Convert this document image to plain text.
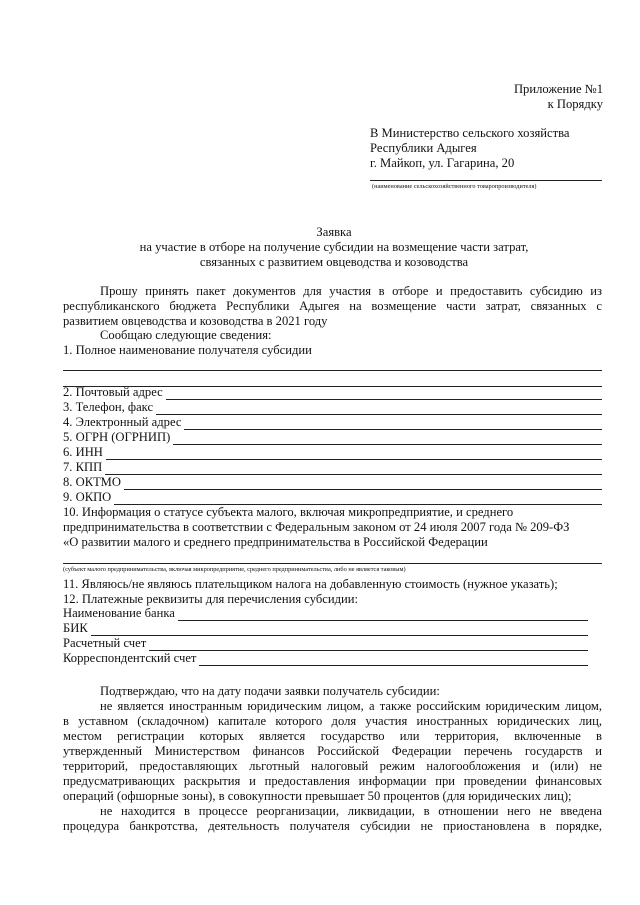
Приложение №1
к Порядку
В Министерство сельского хозяйства
Республики Адыгея
г. Майкоп, ул. Гагарина, 20
(наименование сельскохозяйственного товаропроизводителя)
Заявка
на участие в отборе на получение субсидии на возмещение части затрат,
связанных с развитием овцеводства и козоводства
Прошу принять пакет документов для участия в отборе и предоставить субсидию из
республиканского бюджета Республики Адыгея на возмещение части затрат, связанных с
развитием овцеводства и козоводства в 2021 году
Сообщаю следующие сведения:
1. Полное наименование получателя субсидии
2. Почтовый адрес
3. Телефон, факс
4. Электронный адрес
5. ОГРН (ОГРНИП)
6. ИНН
7. КПП
8. ОКТМО
9. ОКПО
10. Информация о статусе субъекта малого, включая микропредприятие, и среднего
предпринимательства в соответствии с Федеральным законом от 24 июля 2007 года № 209-ФЗ
«О развитии малого и среднего предпринимательства в Российской Федерации
(субъект малого предпринимательства, включая микропредприятие, среднего предпринимательства, либо не является таковым)
11. Являюсь/не являюсь плательщиком налога на добавленную стоимость (нужное указать);
12. Платежные реквизиты для перечисления субсидии:
Наименование банка
БИК
Расчетный счет
Корреспондентский счет
Подтверждаю, что на дату подачи заявки получатель субсидии:
не является иностранным юридическим лицом, а также российским юридическим лицом,
в уставном (складочном) капитале которого доля участия иностранных юридических лиц,
местом регистрации которых является государство или территория, включенные в
утвержденный Министерством финансов Российской Федерации перечень государств и
территорий, предоставляющих льготный налоговый режим налогообложения и (или) не
предусматривающих раскрытия и предоставления информации при проведении финансовых
операций (офшорные зоны), в совокупности превышает 50 процентов (для юридических лиц);
не находится в процессе реорганизации, ликвидации, в отношении него не введена
процедура банкротства, деятельность получателя субсидии не приостановлена в порядке,
